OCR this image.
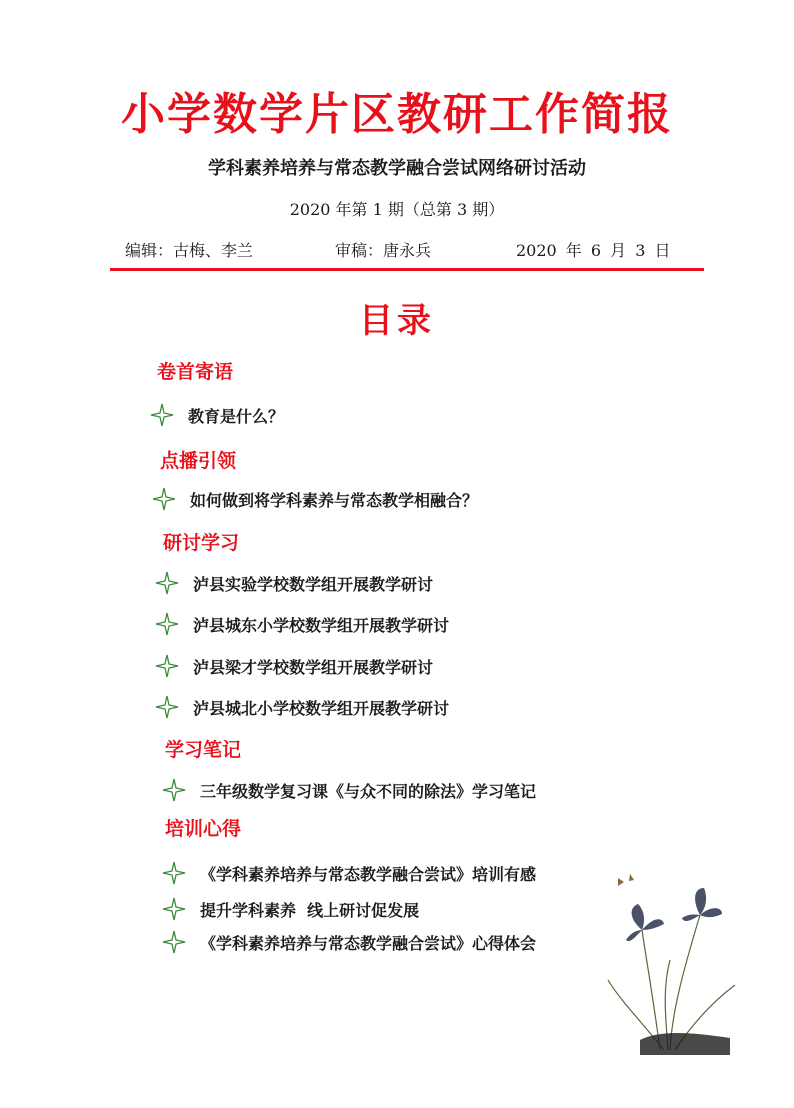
小学数学片区教研工作简报
学科素养培养与常态教学融合尝试网络研讨活动
2020 年第 1 期（总第 3 期）
编辑：古梅、李兰	审稿：唐永兵	2020 年 6 月 3 日
目录
卷首寄语
教育是什么？
点播引领
如何做到将学科素养与常态教学相融合？
研讨学习
泸县实验学校数学组开展教学研讨
泸县城东小学校数学组开展教学研讨
泸县梁才学校数学组开展教学研讨
泸县城北小学校数学组开展教学研讨
学习笔记
三年级数学复习课《与众不同的除法》学习笔记
培训心得
《学科素养培养与常态教学融合尝试》培训有感
提升学科素养  线上研讨促发展
《学科素养培养与常态教学融合尝试》心得体会
